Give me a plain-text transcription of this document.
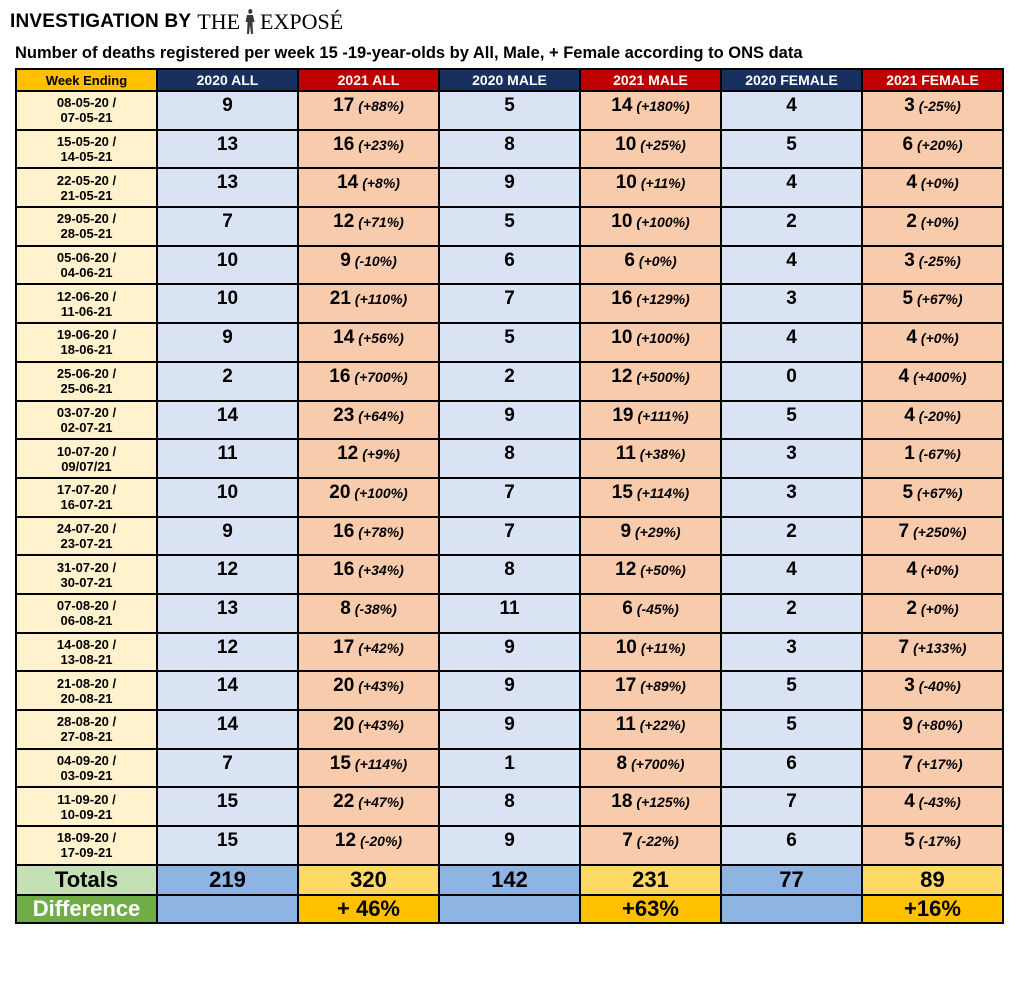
INVESTIGATION BY THE EXPOSÉ
Number of deaths registered per week 15 -19-year-olds by All, Male, + Female according to ONS data
Week Ending	2020 ALL	2021 ALL	2020 MALE	2021 MALE	2020 FEMALE	2021 FEMALE

08-05-20 /
07-05-21	9	17 (+88%)	5	14 (+180%)	4	3 (-25%)

15-05-20 /
14-05-21	13	16 (+23%)	8	10 (+25%)	5	6 (+20%)

22-05-20 /
21-05-21	13	14 (+8%)	9	10 (+11%)	4	4 (+0%)

29-05-20 /
28-05-21	7	12 (+71%)	5	10 (+100%)	2	2 (+0%)

05-06-20 /
04-06-21	10	9 (-10%)	6	6 (+0%)	4	3 (-25%)

12-06-20 /
11-06-21	10	21 (+110%)	7	16 (+129%)	3	5 (+67%)

19-06-20 /
18-06-21	9	14 (+56%)	5	10 (+100%)	4	4 (+0%)

25-06-20 /
25-06-21	2	16 (+700%)	2	12 (+500%)	0	4 (+400%)

03-07-20 /
02-07-21	14	23 (+64%)	9	19 (+111%)	5	4 (-20%)

10-07-20 /
09/07/21	11	12 (+9%)	8	11 (+38%)	3	1 (-67%)

17-07-20 /
16-07-21	10	20 (+100%)	7	15 (+114%)	3	5 (+67%)

24-07-20 /
23-07-21	9	16 (+78%)	7	9 (+29%)	2	7 (+250%)

31-07-20 /
30-07-21	12	16 (+34%)	8	12 (+50%)	4	4 (+0%)

07-08-20 /
06-08-21	13	8 (-38%)	11	6 (-45%)	2	2 (+0%)

14-08-20 /
13-08-21	12	17 (+42%)	9	10 (+11%)	3	7 (+133%)

21-08-20 /
20-08-21	14	20 (+43%)	9	17 (+89%)	5	3 (-40%)

28-08-20 /
27-08-21	14	20 (+43%)	9	11 (+22%)	5	9 (+80%)

04-09-20 /
03-09-21	7	15 (+114%)	1	8 (+700%)	6	7 (+17%)

11-09-20 /
10-09-21	15	22 (+47%)	8	18 (+125%)	7	4 (-43%)

18-09-20 /
17-09-21	15	12 (-20%)	9	7 (-22%)	6	5 (-17%)
Totals	219	320	142	231	77	89
Difference		+ 46%		+63%		+16%
